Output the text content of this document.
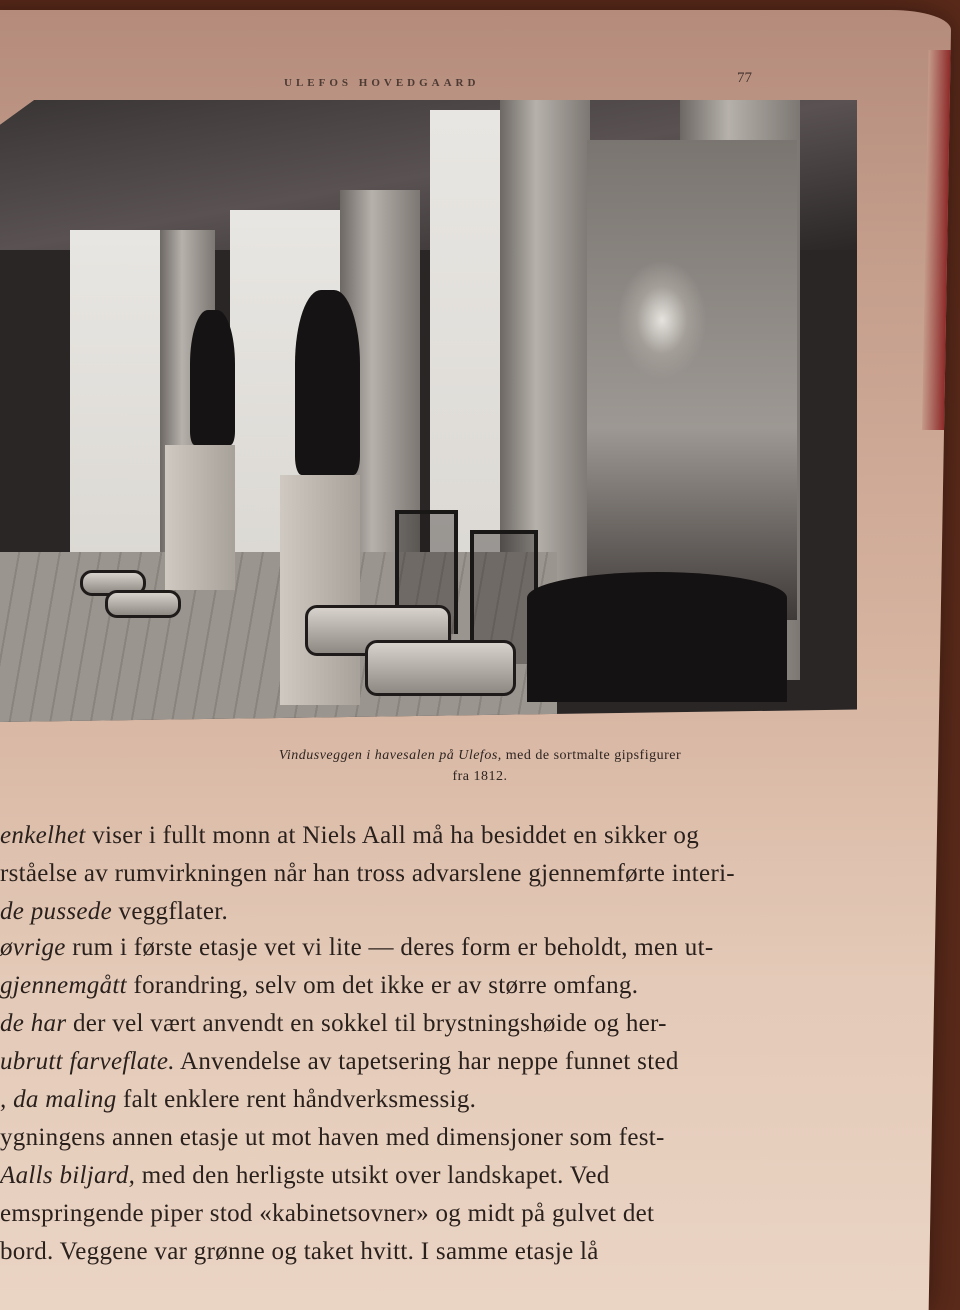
ULEFOS HOVEDGAARD	77
Vindusveggen i havesalen på Ulefos, med de sortmalte gipsfigurer
fra 1812.
enkelhet viser i fullt monn at Niels Aall må ha besiddet en sikker og
rståelse av rumvirkningen når han tross advarslene gjennemførte interi-
de pussede veggflater.
øvrige rum i første etasje vet vi lite — deres form er beholdt, men ut-
gjennemgått forandring, selv om det ikke er av større omfang.
de har der vel vært anvendt en sokkel til brystningshøide og her-
ubrutt farveflate. Anvendelse av tapetsering har neppe funnet sted
, da maling falt enklere rent håndverksmessig.
ygningens annen etasje ut mot haven med dimensjoner som fest-
Aalls biljard, med den herligste utsikt over landskapet. Ved
emspringende piper stod «kabinetsovner» og midt på gulvet det
bord. Veggene var grønne og taket hvitt. I samme etasje lå
